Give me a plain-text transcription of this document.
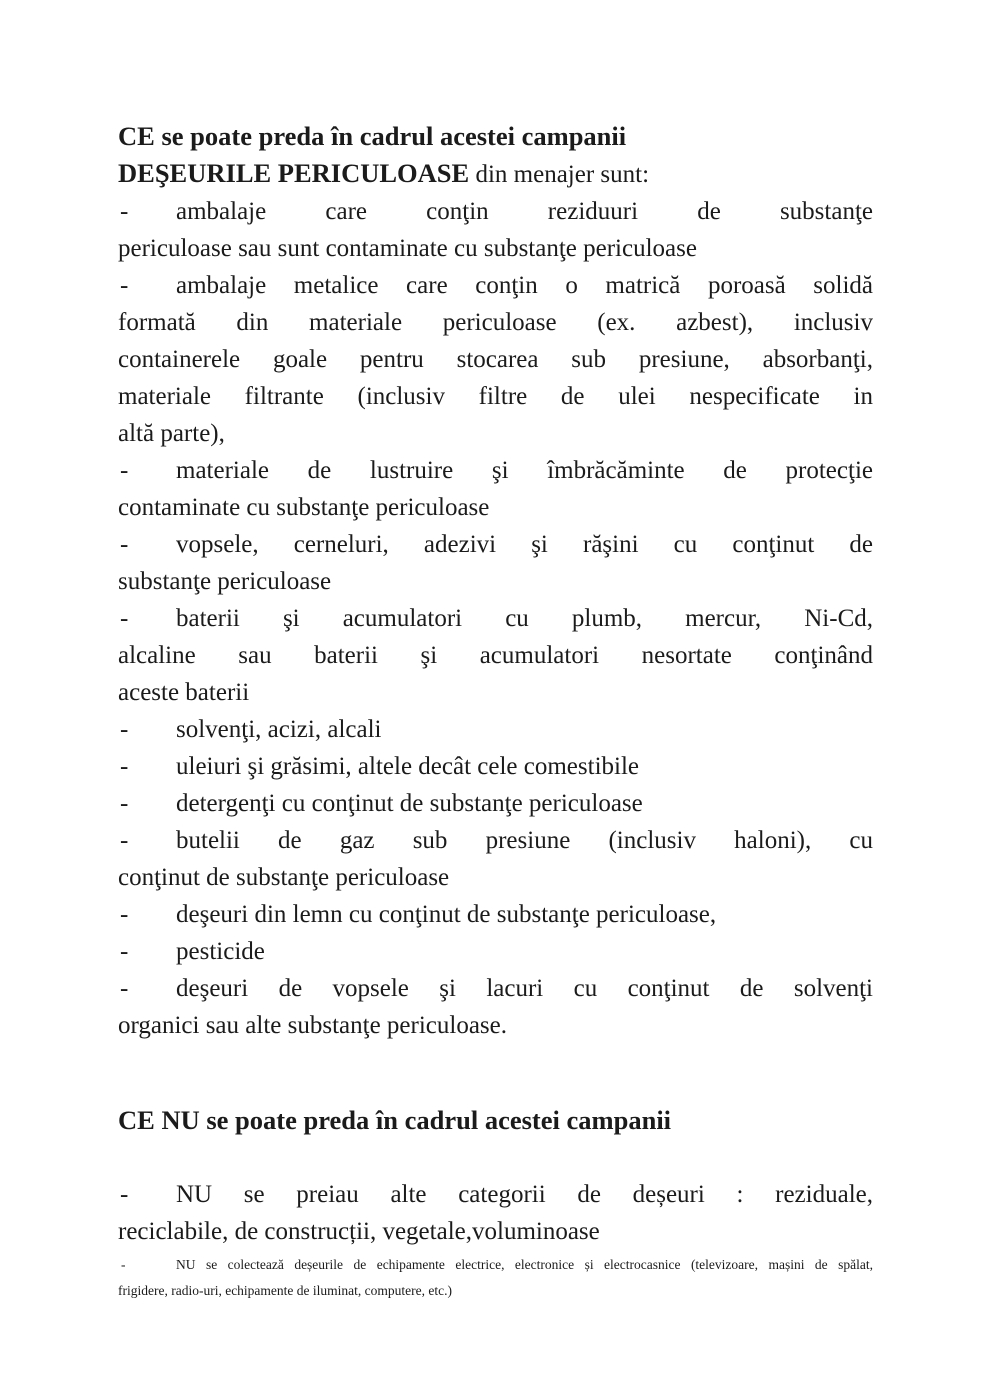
CE se poate preda în cadrul acestei campanii
DEŞEURILE PERICULOASE din menajer sunt:
-	ambalaje care conţin reziduuri de substanţe
periculoase sau sunt contaminate cu substanţe periculoase
-	ambalaje metalice care conţin o matrică poroasă solidă
formată din materiale periculoase (ex. azbest), inclusiv
containerele goale pentru stocarea sub presiune, absorbanţi,
materiale filtrante (inclusiv filtre de ulei nespecificate in
altă parte),
-	materiale de lustruire şi îmbrăcăminte de protecţie
contaminate cu substanţe periculoase
-	vopsele, cerneluri, adezivi şi răşini cu conţinut de
substanţe periculoase
-	baterii şi acumulatori cu plumb, mercur, Ni-Cd,
alcaline sau baterii şi acumulatori nesortate conţinând
aceste baterii
-	solvenţi, acizi, alcali
-	uleiuri şi grăsimi, altele decât cele comestibile
-	detergenţi cu conţinut de substanţe periculoase
-	butelii de gaz sub presiune (inclusiv haloni), cu
conţinut de substanţe periculoase
-	deşeuri din lemn cu conţinut de substanţe periculoase,
-	pesticide
-	deşeuri de vopsele şi lacuri cu conţinut de solvenţi
organici sau alte substanţe periculoase.
CE NU se poate preda în cadrul acestei campanii
-	NU se preiau alte categorii de deșeuri : reziduale,
reciclabile, de construcții, vegetale,voluminoase
-	NU se colectează deșeurile de echipamente electrice, electronice și electrocasnice (televizoare, mașini de spălat,
frigidere, radio-uri, echipamente de iluminat, computere, etc.)
